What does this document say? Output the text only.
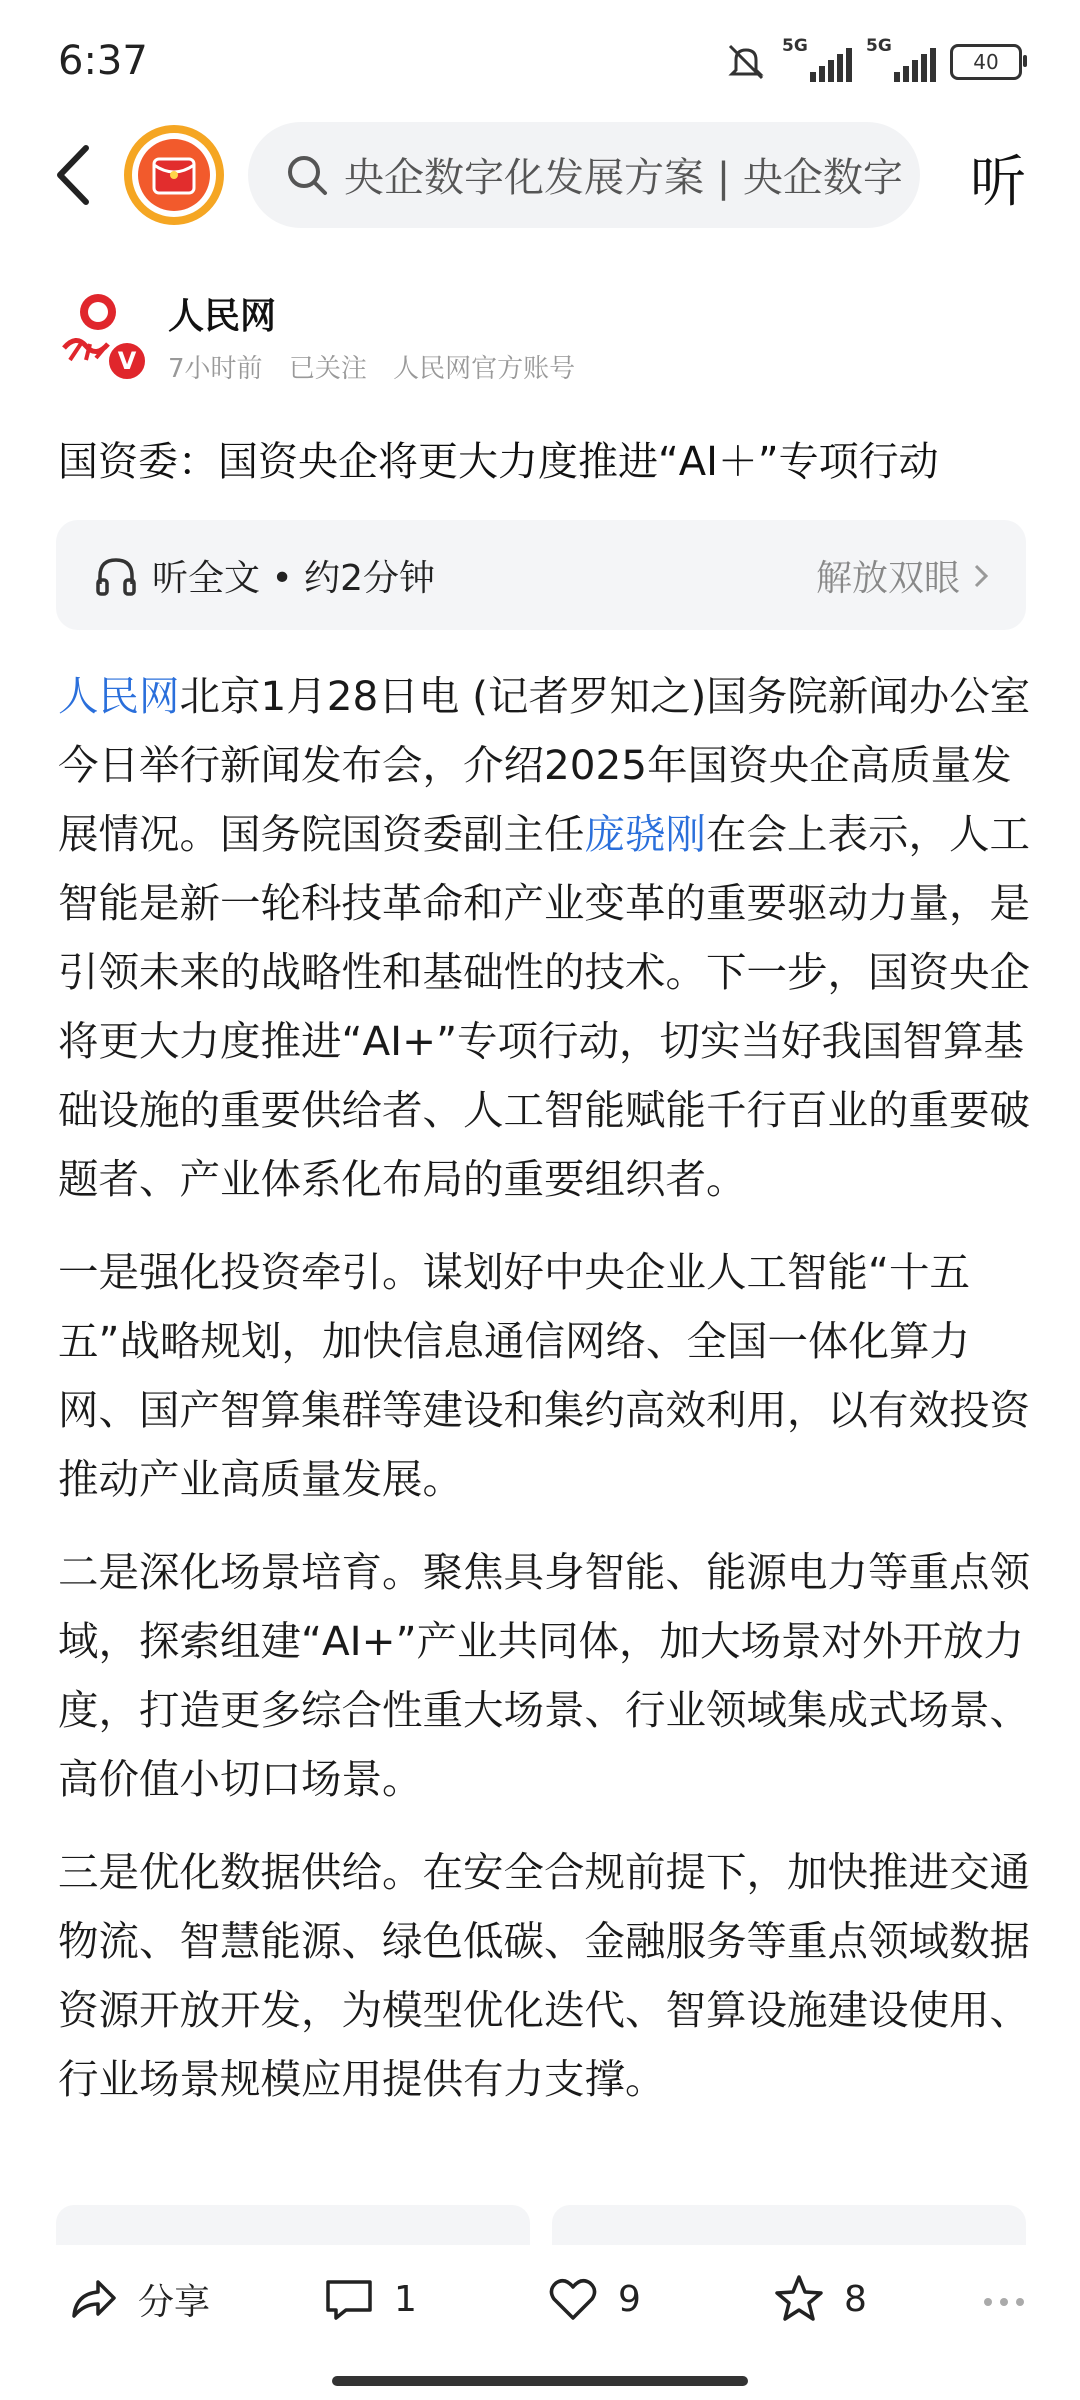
6:37	5G	5G
40
央企数字化发展方案 | 央企数字 听
V
人民网
7小时前 已关注 人民网官方账号
国资委：国资央企将更大力度推进“AI＋”专项行动
听全文 • 约2分钟	解放双眼

人民网北京1月28日电 (记者罗知之)国务院新闻办公室今日举行新闻发布会，介绍2025年国资央企高质量发展情况。国务院国资委副主任庞骁刚在会上表示，人工智能是新一轮科技革命和产业变革的重要驱动力量，是引领未来的战略性和基础性的技术。下一步，国资央企将更大力度推进“AI+”专项行动，切实当好我国智算基础设施的重要供给者、人工智能赋能千行百业的重要破题者、产业体系化布局的重要组织者。

一是强化投资牵引。谋划好中央企业人工智能“十五五”战略规划，加快信息通信网络、全国一体化算力网、国产智算集群等建设和集约高效利用，以有效投资推动产业高质量发展。

二是深化场景培育。聚焦具身智能、能源电力等重点领域，探索组建“AI+”产业共同体，加大场景对外开放力度，打造更多综合性重大场景、行业领域集成式场景、高价值小切口场景。

三是优化数据供给。在安全合规前提下，加快推进交通物流、智慧能源、绿色低碳、金融服务等重点领域数据资源开放开发，为模型优化迭代、智算设施建设使用、行业场景规模应用提供有力支撑。

分享	1	9	8
